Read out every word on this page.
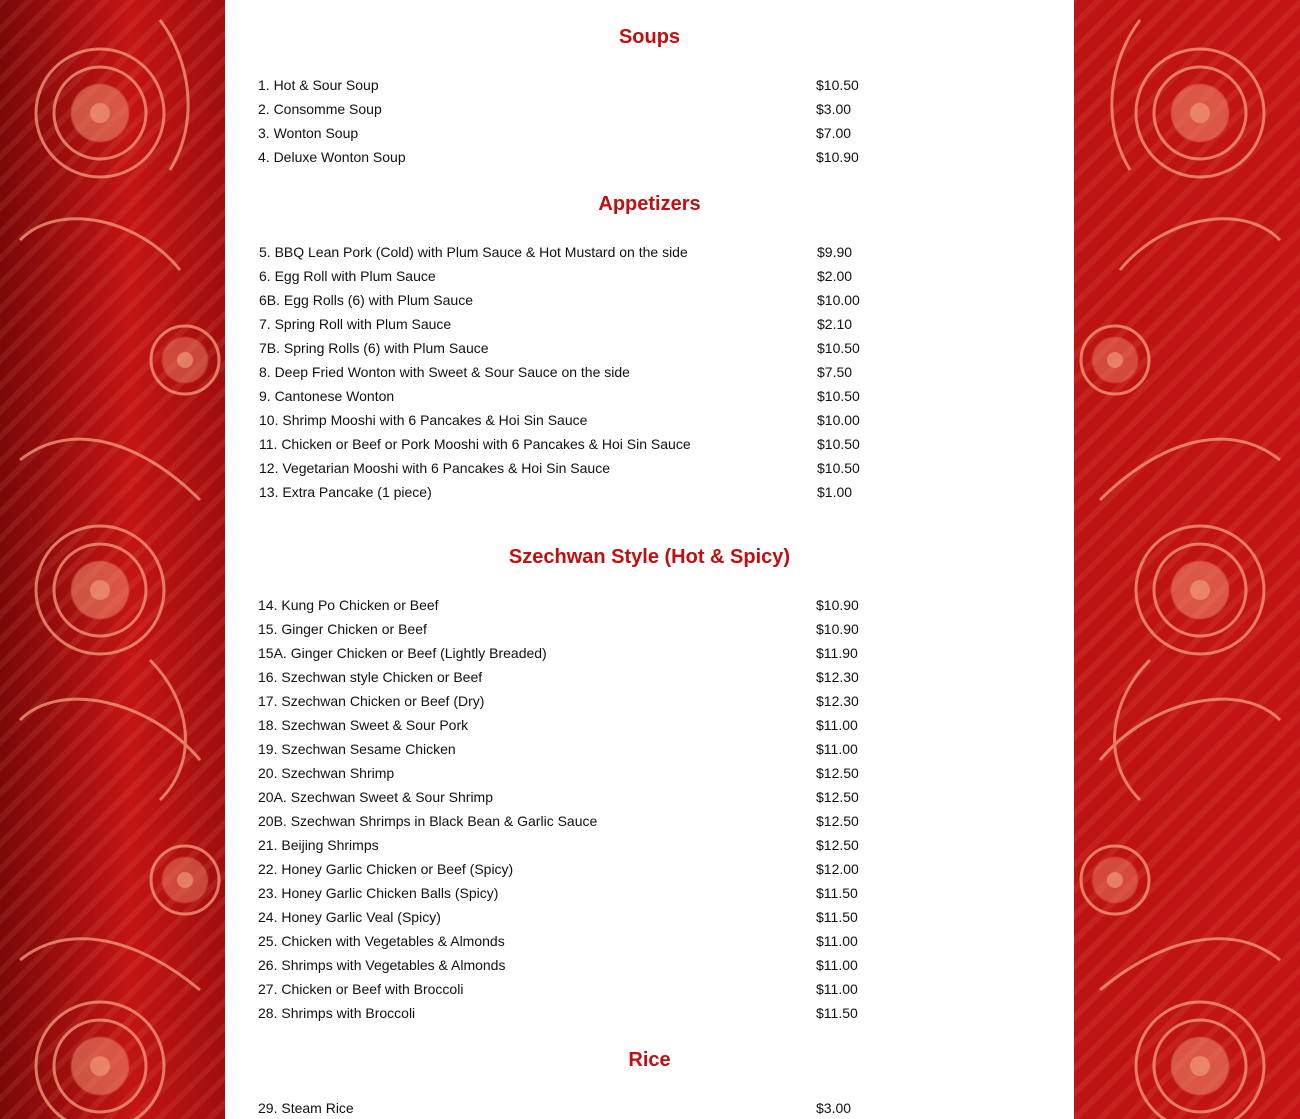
Soups
1. Hot & Sour Soup	$10.50
2. Consomme Soup	$3.00
3. Wonton Soup	$7.00
4. Deluxe Wonton Soup	$10.90
Appetizers
5. BBQ Lean Pork (Cold) with Plum Sauce & Hot Mustard on the side	$9.90
6. Egg Roll with Plum Sauce	$2.00
6B. Egg Rolls (6) with Plum Sauce	$10.00
7. Spring Roll with Plum Sauce	$2.10
7B. Spring Rolls (6) with Plum Sauce	$10.50
8. Deep Fried Wonton with Sweet & Sour Sauce on the side	$7.50
9. Cantonese Wonton	$10.50
10. Shrimp Mooshi with 6 Pancakes & Hoi Sin Sauce	$10.00
11. Chicken or Beef or Pork Mooshi with 6 Pancakes & Hoi Sin Sauce	$10.50
12. Vegetarian Mooshi with 6 Pancakes & Hoi Sin Sauce	$10.50
13. Extra Pancake (1 piece)	$1.00
Szechwan Style (Hot & Spicy)
14. Kung Po Chicken or Beef	$10.90
15. Ginger Chicken or Beef	$10.90
15A. Ginger Chicken or Beef (Lightly Breaded)	$11.90
16. Szechwan style Chicken or Beef	$12.30
17. Szechwan Chicken or Beef (Dry)	$12.30
18. Szechwan Sweet & Sour Pork	$11.00
19. Szechwan Sesame Chicken	$11.00
20. Szechwan Shrimp	$12.50
20A. Szechwan Sweet & Sour Shrimp	$12.50
20B. Szechwan Shrimps in Black Bean & Garlic Sauce	$12.50
21. Beijing Shrimps	$12.50
22. Honey Garlic Chicken or Beef (Spicy)	$12.00
23. Honey Garlic Chicken Balls (Spicy)	$11.50
24. Honey Garlic Veal (Spicy)	$11.50
25. Chicken with Vegetables & Almonds	$11.00
26. Shrimps with Vegetables & Almonds	$11.00
27. Chicken or Beef with Broccoli	$11.00
28. Shrimps with Broccoli	$11.50
Rice
29. Steam Rice	$3.00
